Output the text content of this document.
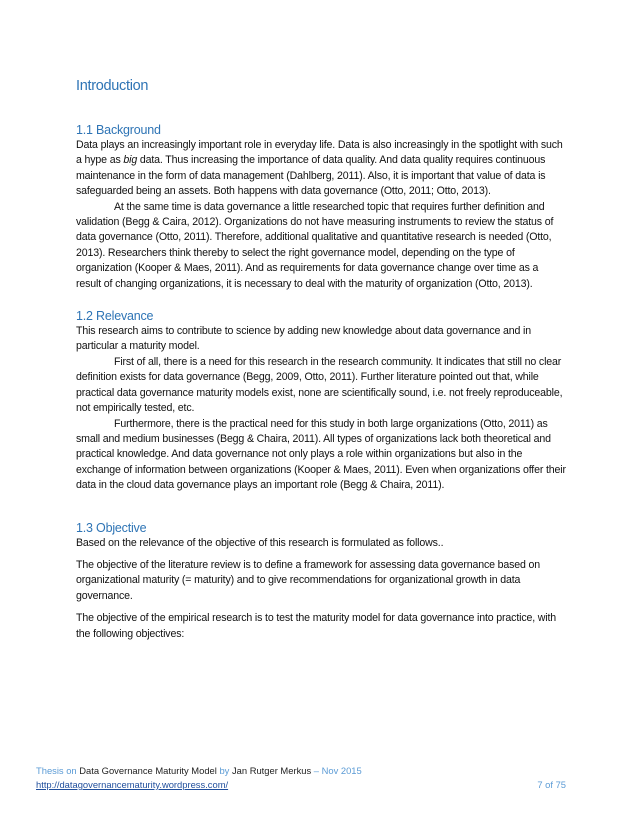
Introduction
1.1 Background

Data plays an increasingly important role in everyday life. Data is also increasingly in the spotlight with such a hype as big data. Thus increasing the importance of data quality. And data quality requires continuous maintenance in the form of data management (Dahlberg, 2011). Also, it is important that value of data is safeguarded being an assets. Both happens with data governance (Otto, 2011; Otto, 2013).

At the same time is data governance a little researched topic that requires further definition and validation (Begg & Caira, 2012). Organizations do not have measuring instruments to review the status of data governance (Otto, 2011). Therefore, additional qualitative and quantitative research is needed (Otto, 2013). Researchers think thereby to select the right governance model, depending on the type of organization (Kooper & Maes, 2011). And as requirements for data governance change over time as a result of changing organizations, it is necessary to deal with the maturity of organization (Otto, 2013).

1.2 Relevance

This research aims to contribute to science by adding new knowledge about data governance and in particular a maturity model.

First of all, there is a need for this research in the research community. It indicates that still no clear definition exists for data governance (Begg, 2009, Otto, 2011). Further literature pointed out that, while practical data governance maturity models exist, none are scientifically sound, i.e. not freely reproduceable, not empirically tested, etc.

Furthermore, there is the practical need for this study in both large organizations (Otto, 2011) as small and medium businesses (Begg & Chaira, 2011). All types of organizations lack both theoretical and practical knowledge. And data governance not only plays a role within organizations but also in the exchange of information between organizations (Kooper & Maes, 2011). Even when organizations offer their data in the cloud data governance plays an important role (Begg & Chaira, 2011).

1.3 Objective

Based on the relevance of the objective of this research is formulated as follows..

The objective of the literature review is to define a framework for assessing data governance based on organizational maturity (= maturity) and to give recommendations for organizational growth in data governance.

The objective of the empirical research is to test the maturity model for data governance into practice, with the following objectives:

Thesis on Data Governance Maturity Model by Jan Rutger Merkus – Nov 2015
http://datagovernancematurity.wordpress.com/	7 of 75
